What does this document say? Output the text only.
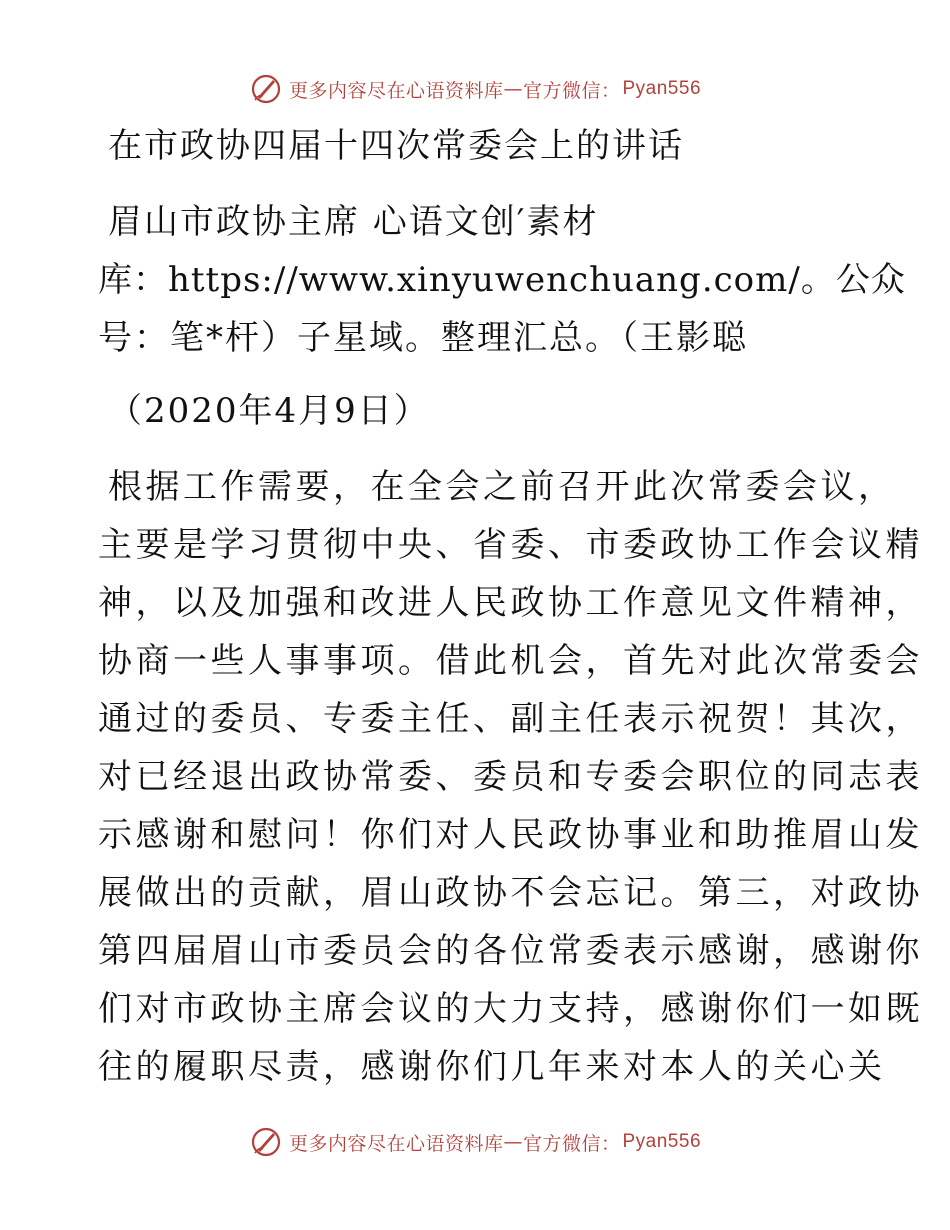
更多内容尽在心语资料库 — 官方微信： Pyan556
在市政协四届十四次常委会上的讲话
眉山市政协主席 心语文创′素材
库：https://www.xinyuwenchuang.com/。公众
号：笔*杆）子星域。整理汇总。（王影聪
（2020年4月9日）
根据工作需要，在全会之前召开此次常委会议，
主要是学习贯彻中央、省委、市委政协工作会议精
神，以及加强和改进人民政协工作意见文件精神，
协商一些人事事项。借此机会，首先对此次常委会
通过的委员、专委主任、副主任表示祝贺！其次，
对已经退出政协常委、委员和专委会职位的同志表
示感谢和慰问！你们对人民政协事业和助推眉山发
展做出的贡献，眉山政协不会忘记。第三，对政协
第四届眉山市委员会的各位常委表示感谢，感谢你
们对市政协主席会议的大力支持，感谢你们一如既
往的履职尽责，感谢你们几年来对本人的关心关
更多内容尽在心语资料库 — 官方微信： Pyan556
